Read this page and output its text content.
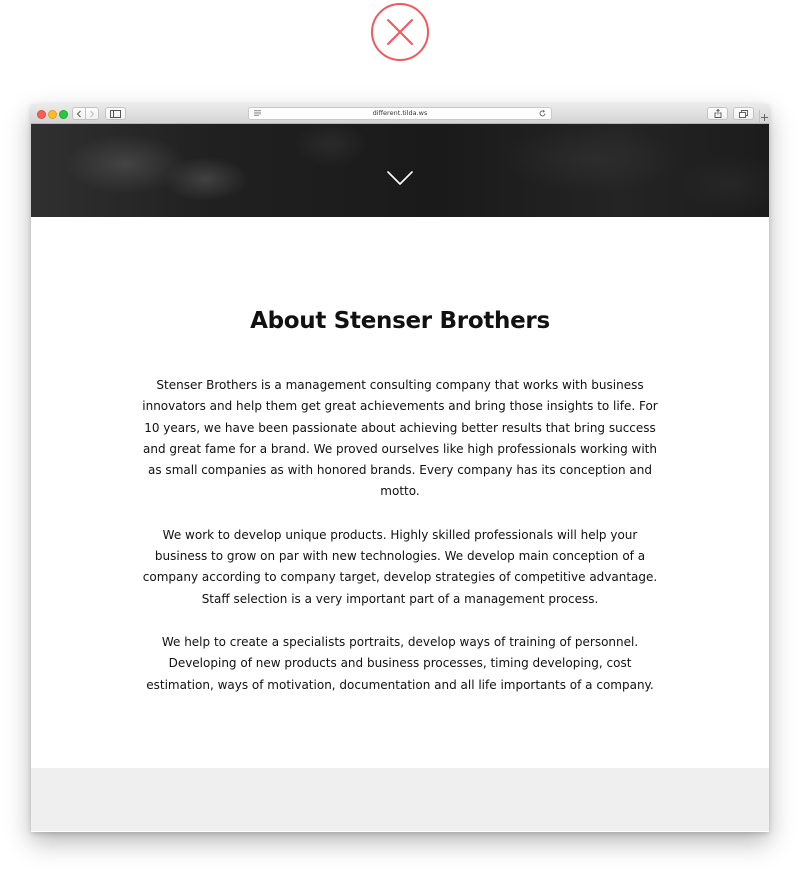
different.tilda.ws
About Stenser Brothers

Stenser Brothers is a management consulting company that works with business innovators and help them get great achievements and bring those insights to life. For 10 years, we have been passionate about achieving better results that bring success and great fame for a brand. We proved ourselves like high professionals working with as small companies as with honored brands. Every company has its conception and motto.

We work to develop unique products. Highly skilled professionals will help your business to grow on par with new technologies. We develop main conception of a company according to company target, develop strategies of competitive advantage. Staff selection is a very important part of a management process.

We help to create a specialists portraits, develop ways of training of personnel. Developing of new products and business processes, timing developing, cost estimation, ways of motivation, documentation and all life importants of a company.
